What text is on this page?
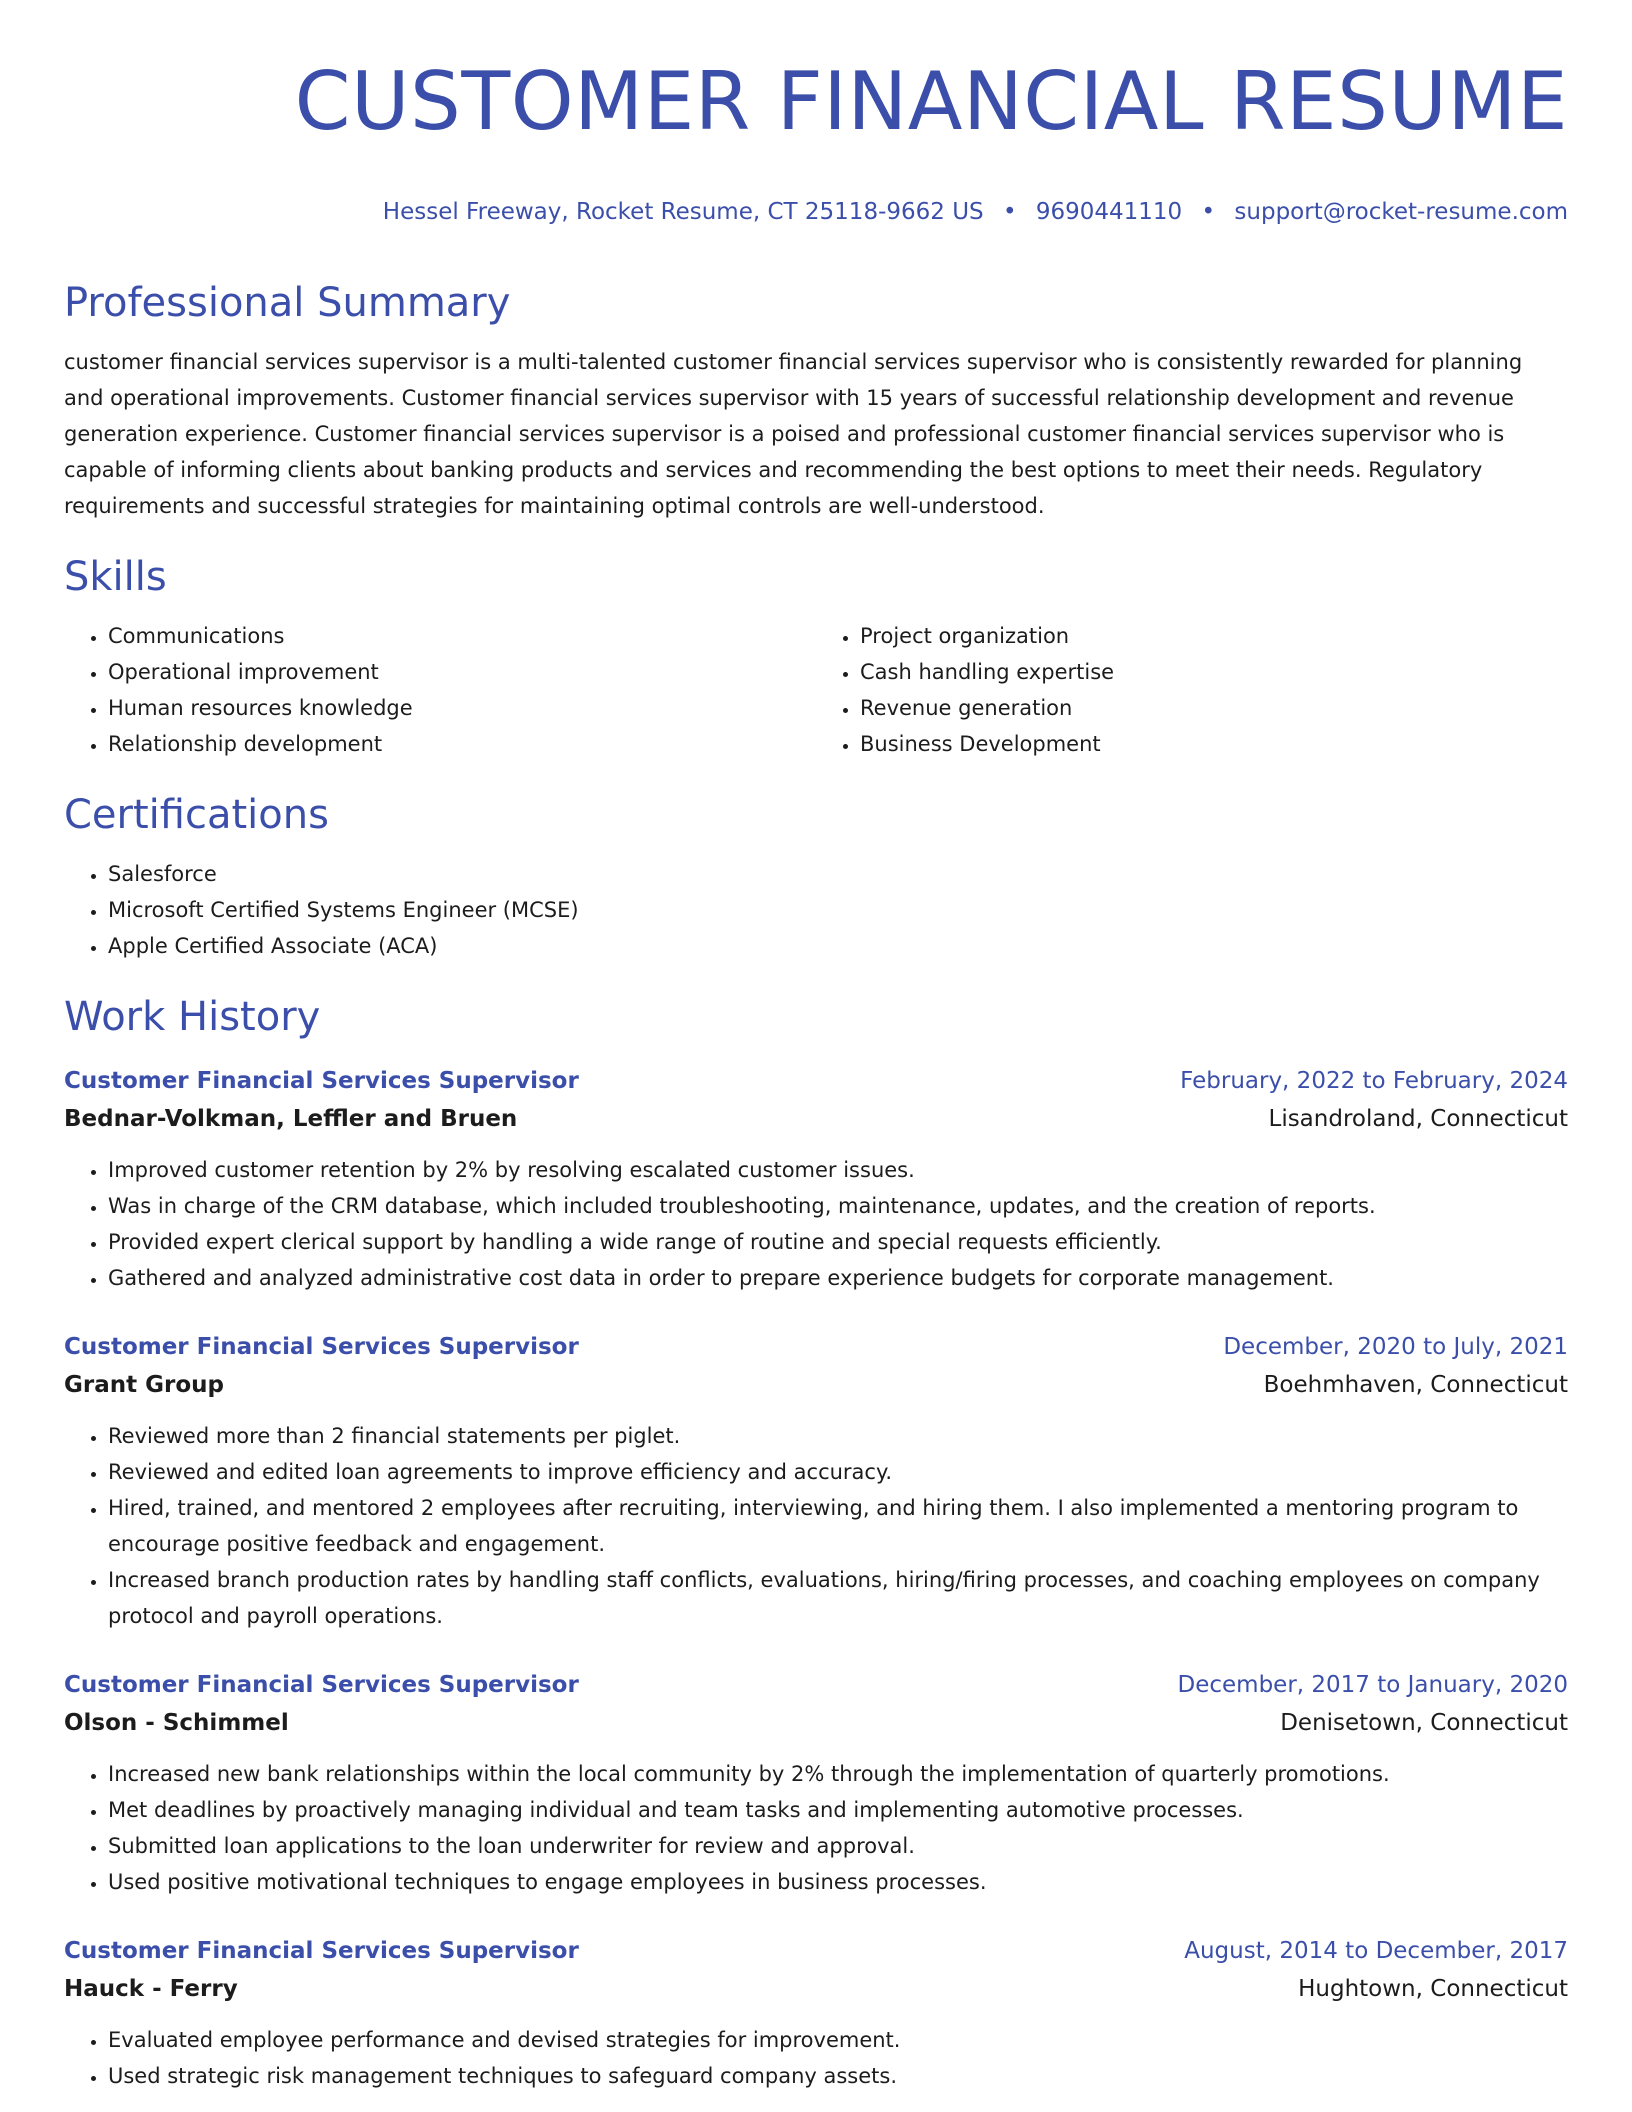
CUSTOMER FINANCIAL RESUME
Hessel Freeway, Rocket Resume, CT 25118-9662 US • 9690441110 • support@rocket-resume.com
Professional Summary
customer financial services supervisor is a multi-talented customer financial services supervisor who is consistently rewarded for planning and operational improvements. Customer financial services supervisor with 15 years of successful relationship development and revenue generation experience. Customer financial services supervisor is a poised and professional customer financial services supervisor who is capable of informing clients about banking products and services and recommending the best options to meet their needs. Regulatory requirements and successful strategies for maintaining optimal controls are well-understood.
Skills
• Communications
• Operational improvement
• Human resources knowledge
• Relationship development
• Project organization
• Cash handling expertise
• Revenue generation
• Business Development
Certifications
• Salesforce
• Microsoft Certified Systems Engineer (MCSE)
• Apple Certified Associate (ACA)
Work History
Customer Financial Services Supervisor	February, 2022 to February, 2024
Bednar-Volkman, Leffler and Bruen	Lisandroland, Connecticut
• Improved customer retention by 2% by resolving escalated customer issues.
• Was in charge of the CRM database, which included troubleshooting, maintenance, updates, and the creation of reports.
• Provided expert clerical support by handling a wide range of routine and special requests efficiently.
• Gathered and analyzed administrative cost data in order to prepare experience budgets for corporate management.
Customer Financial Services Supervisor	December, 2020 to July, 2021
Grant Group	Boehmhaven, Connecticut
• Reviewed more than 2 financial statements per piglet.
• Reviewed and edited loan agreements to improve efficiency and accuracy.
• Hired, trained, and mentored 2 employees after recruiting, interviewing, and hiring them. I also implemented a mentoring program to encourage positive feedback and engagement.
• Increased branch production rates by handling staff conflicts, evaluations, hiring/firing processes, and coaching employees on company protocol and payroll operations.
Customer Financial Services Supervisor	December, 2017 to January, 2020
Olson - Schimmel	Denisetown, Connecticut
• Increased new bank relationships within the local community by 2% through the implementation of quarterly promotions.
• Met deadlines by proactively managing individual and team tasks and implementing automotive processes.
• Submitted loan applications to the loan underwriter for review and approval.
• Used positive motivational techniques to engage employees in business processes.
Customer Financial Services Supervisor	August, 2014 to December, 2017
Hauck - Ferry	Hughtown, Connecticut
• Evaluated employee performance and devised strategies for improvement.
• Used strategic risk management techniques to safeguard company assets.
